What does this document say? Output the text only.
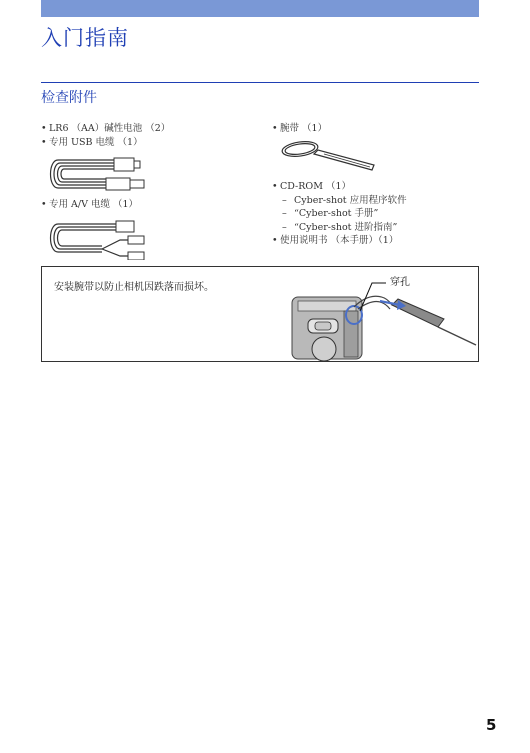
入门指南
检查附件
• LR6 （AA）碱性电池 （2）
• 专用 USB 电缆 （1）
• 专用 A/V 电缆 （1）
• 腕带 （1）
• CD-ROM （1）
– Cyber-shot 应用程序软件
– “Cyber-shot 手册”
– “Cyber-shot 进阶指南”
• 使用说明书 （本手册）（1）
安装腕带以防止相机因跌落而损坏。	穿孔
5
